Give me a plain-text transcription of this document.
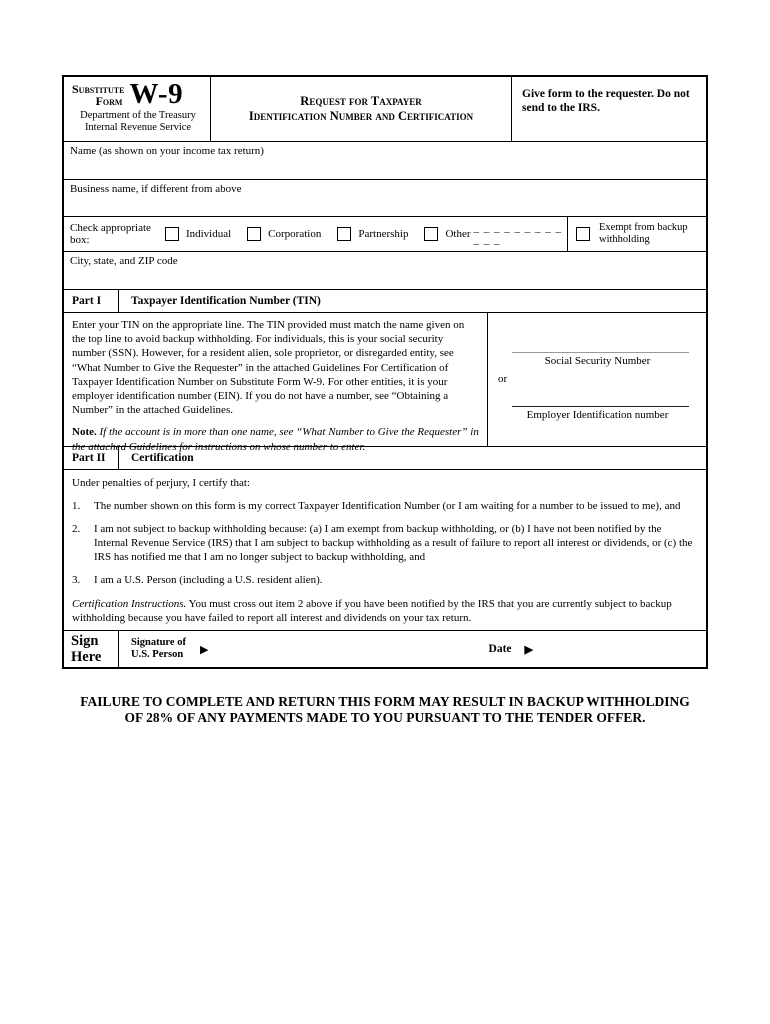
Substitute
Form W-9
Department of the Treasury
Internal Revenue Service
Request for Taxpayer
Identification Number and Certification
Give form to the requester. Do not send to the IRS.
Name (as shown on your income tax return)
Business name, if different from above
Check appropriate box:	Individual	Corporation	Partnership	Other _ _ _ _ _ _ _ _ _ _ _ _
Exempt from backup withholding
City, state, and ZIP code
Part I	Taxpayer Identification Number (TIN)
Enter your TIN on the appropriate line. The TIN provided must match the name given on the top line to avoid backup withholding. For individuals, this is your social security number (SSN). However, for a resident alien, sole proprietor, or disregarded entity, see “What Number to Give the Requester” in the attached Guidelines For Certification of Taxpayer Identification Number on Substitute Form W-9. For other entities, it is your employer identification number (EIN). If you do not have a number, see “Obtaining a Number” in the attached Guidelines.
Note. If the account is in more than one name, see “What Number to Give the Requester” in the attached Guidelines for instructions on whose number to enter.
Social Security Number
or
Employer Identification number
Part II	Certification
Under penalties of perjury, I certify that:
1.	The number shown on this form is my correct Taxpayer Identification Number (or I am waiting for a number to be issued to me), and
2.	I am not subject to backup withholding because: (a) I am exempt from backup withholding, or (b) I have not been notified by the Internal Revenue Service (IRS) that I am subject to backup withholding as a result of failure to report all interest or dividends, or (c) the IRS has notified me that I am no longer subject to backup withholding, and
3.	I am a U.S. Person (including a U.S. resident alien).
Certification Instructions. You must cross out item 2 above if you have been notified by the IRS that you are currently subject to backup withholding because you have failed to report all interest and dividends on your tax return.
Sign
Here
Signature of
U.S. Person ▶	Date ▶
FAILURE TO COMPLETE AND RETURN THIS FORM MAY RESULT IN BACKUP WITHHOLDING
OF 28% OF ANY PAYMENTS MADE TO YOU PURSUANT TO THE TENDER OFFER.
